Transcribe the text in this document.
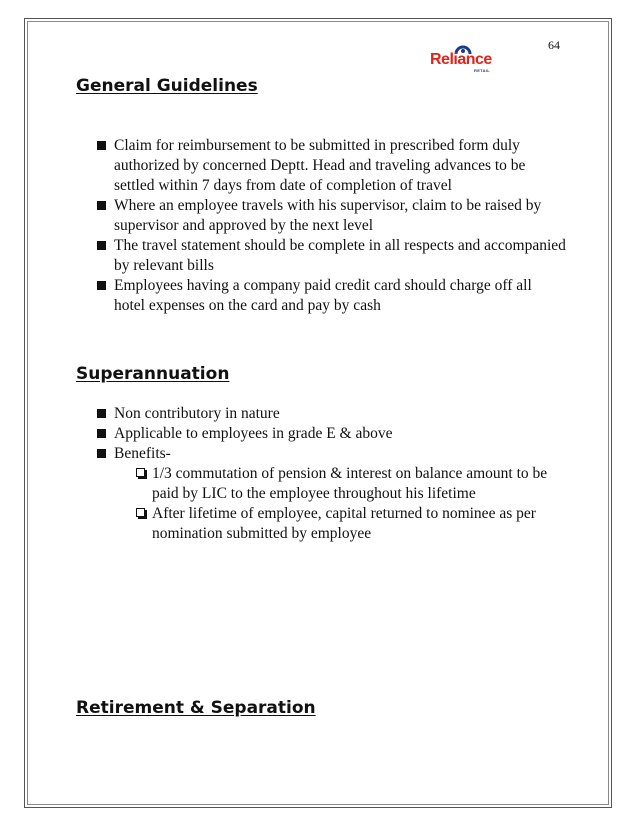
64
Reliance
RETAIL
General Guidelines
Claim for reimbursement to be submitted in prescribed form duly authorized by concerned Deptt. Head and traveling advances to be settled within 7 days from date of completion of travel
Where an employee travels with his supervisor, claim to be raised by supervisor and approved by the next level
The travel statement should be complete in all respects and accompanied by relevant bills
Employees having a company paid credit card should charge off all hotel expenses on the card and pay by cash
Superannuation
Non contributory in nature
Applicable to employees in grade E & above
Benefits-
1/3 commutation of pension & interest on balance amount to be paid by LIC to the employee throughout his lifetime
After lifetime of employee, capital returned to nominee as per nomination submitted by employee
Retirement & Separation
